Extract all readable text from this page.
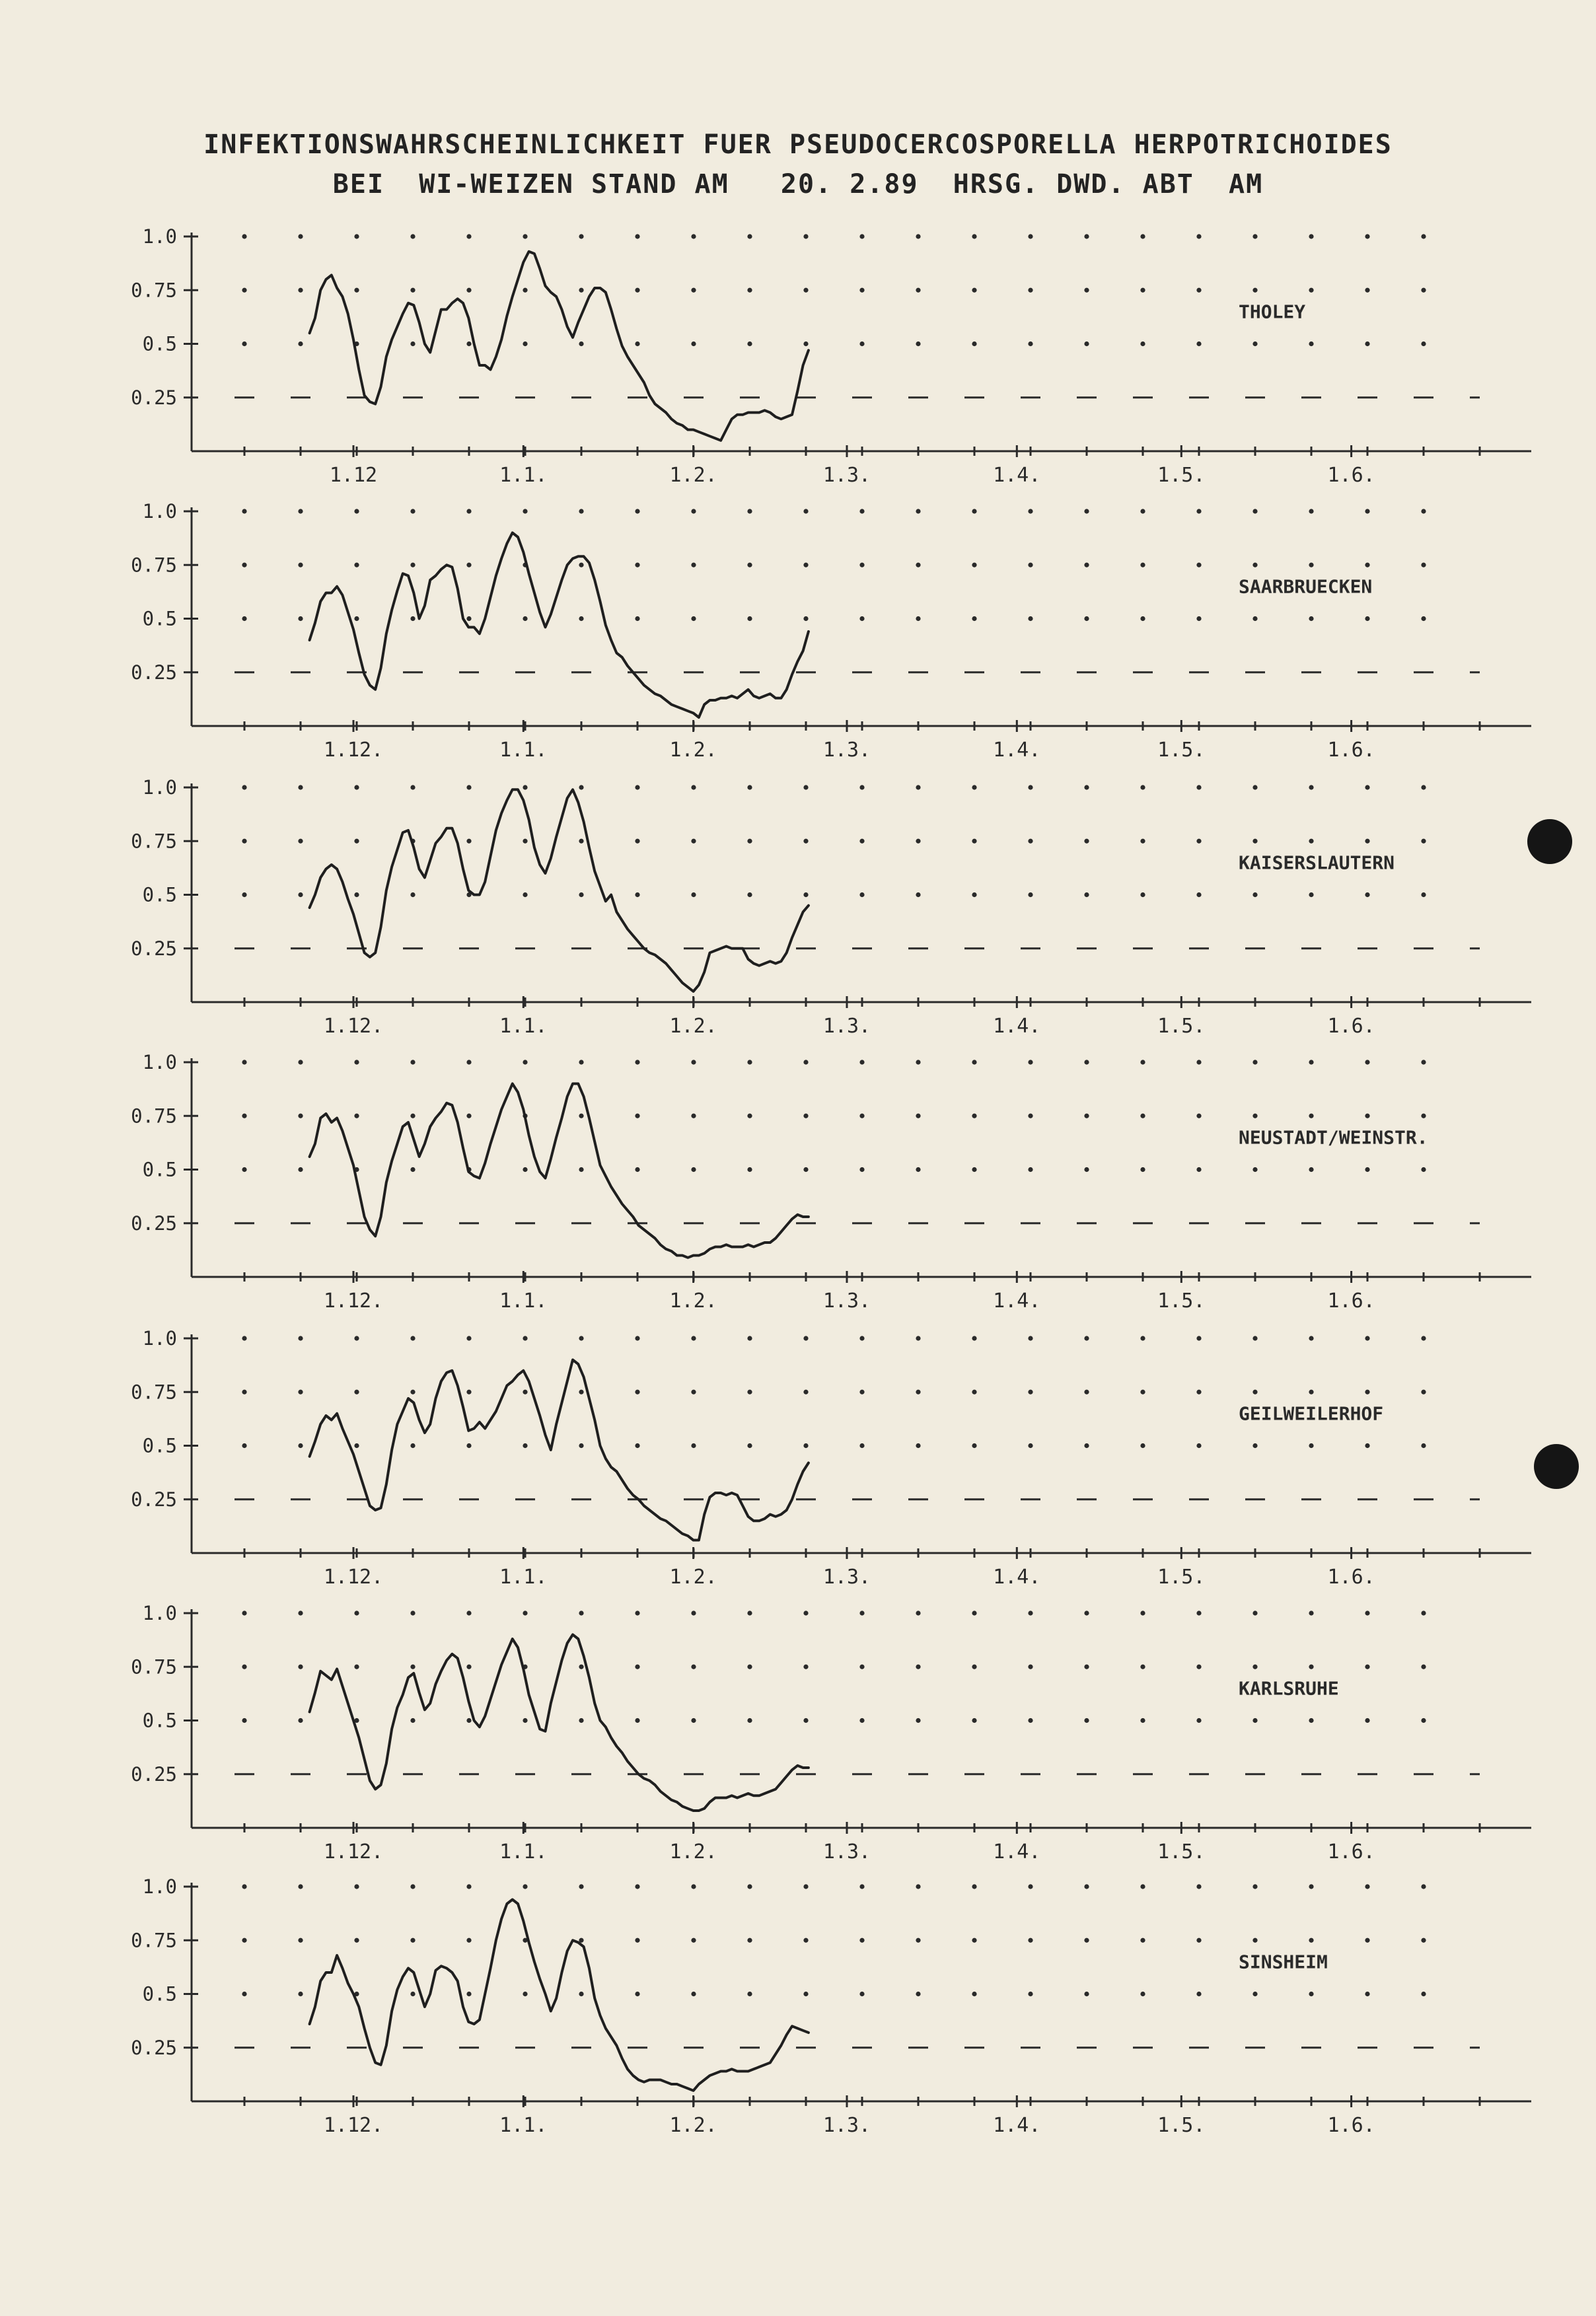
INFEKTIONSWAHRSCHEINLICHKEIT FUER PSEUDOCERCOSPORELLA HERPOTRICHOIDES
BEI  WI-WEIZEN STAND AM   20. 2.89  HRSG. DWD. ABT  AM
1.0
0.75
0.5
0.25
1.12	1.1.	1.2.	1.3.	1.4.	1.5.	1.6.
THOLEY
1.0
0.75
0.5
0.25
1.12.	1.1.	1.2.	1.3.	1.4.	1.5.	1.6.
SAARBRUECKEN
1.0
0.75
0.5
0.25
1.12.	1.1.	1.2.	1.3.	1.4.	1.5.	1.6.
KAISERSLAUTERN
1.0
0.75
0.5
0.25
1.12.	1.1.	1.2.	1.3.	1.4.	1.5.	1.6.
NEUSTADT/WEINSTR.
1.0
0.75
0.5
0.25
1.12.	1.1.	1.2.	1.3.	1.4.	1.5.	1.6.
GEILWEILERHOF
1.0
0.75
0.5
0.25
1.12.	1.1.	1.2.	1.3.	1.4.	1.5.	1.6.
KARLSRUHE
1.0
0.75
0.5
0.25
1.12.	1.1.	1.2.	1.3.	1.4.	1.5.	1.6.
SINSHEIM
